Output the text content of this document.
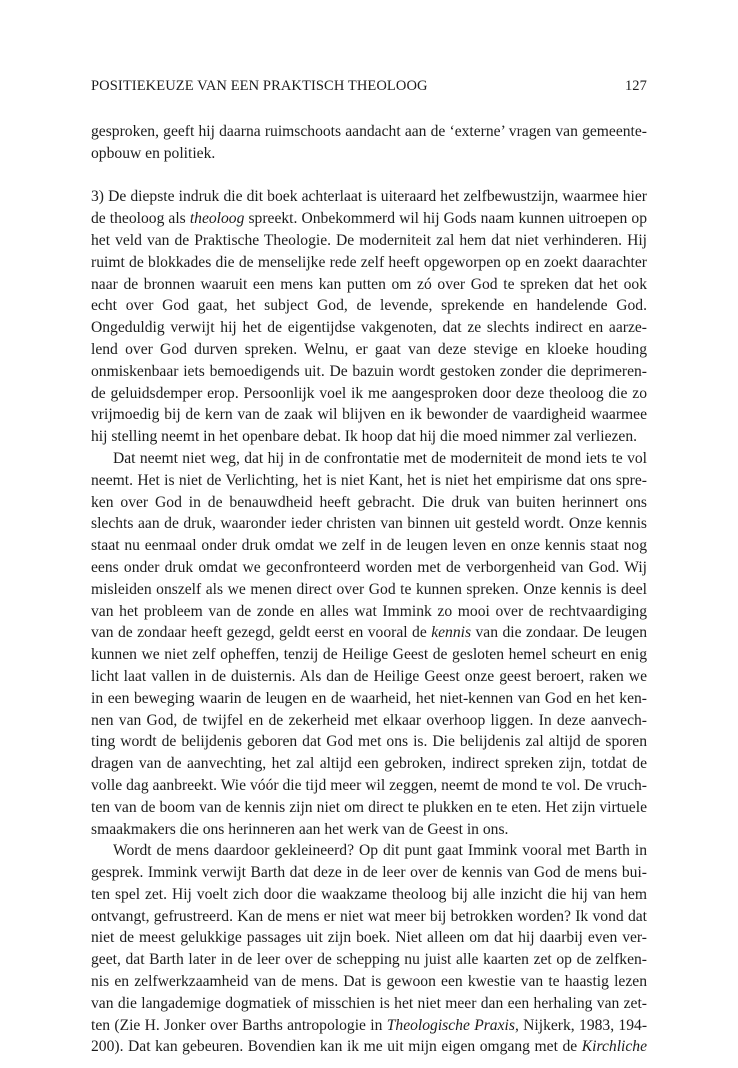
POSITIEKEUZE VAN EEN PRAKTISCH THEOLOOG	127
gesproken, geeft hij daarna ruimschoots aandacht aan de ‘externe’ vragen van gemeente-
opbouw en politiek.
3) De diepste indruk die dit boek achterlaat is uiteraard het zelfbewustzijn, waarmee hier
de theoloog als theoloog spreekt. Onbekommerd wil hij Gods naam kunnen uitroepen op
het veld van de Praktische Theologie. De moderniteit zal hem dat niet verhinderen. Hij
ruimt de blokkades die de menselijke rede zelf heeft opgeworpen op en zoekt daarachter
naar de bronnen waaruit een mens kan putten om zó over God te spreken dat het ook
echt over God gaat, het subject God, de levende, sprekende en handelende God.
Ongeduldig verwijt hij het de eigentijdse vakgenoten, dat ze slechts indirect en aarze-
lend over God durven spreken. Welnu, er gaat van deze stevige en kloeke houding
onmiskenbaar iets bemoedigends uit. De bazuin wordt gestoken zonder die deprimeren-
de geluidsdemper erop. Persoonlijk voel ik me aangesproken door deze theoloog die zo
vrijmoedig bij de kern van de zaak wil blijven en ik bewonder de vaardigheid waarmee
hij stelling neemt in het openbare debat. Ik hoop dat hij die moed nimmer zal verliezen.
Dat neemt niet weg, dat hij in de confrontatie met de moderniteit de mond iets te vol
neemt. Het is niet de Verlichting, het is niet Kant, het is niet het empirisme dat ons spre-
ken over God in de benauwdheid heeft gebracht. Die druk van buiten herinnert ons
slechts aan de druk, waaronder ieder christen van binnen uit gesteld wordt. Onze kennis
staat nu eenmaal onder druk omdat we zelf in de leugen leven en onze kennis staat nog
eens onder druk omdat we geconfronteerd worden met de verborgenheid van God. Wij
misleiden onszelf als we menen direct over God te kunnen spreken. Onze kennis is deel
van het probleem van de zonde en alles wat Immink zo mooi over de rechtvaardiging
van de zondaar heeft gezegd, geldt eerst en vooral de kennis van die zondaar. De leugen
kunnen we niet zelf opheffen, tenzij de Heilige Geest de gesloten hemel scheurt en enig
licht laat vallen in de duisternis. Als dan de Heilige Geest onze geest beroert, raken we
in een beweging waarin de leugen en de waarheid, het niet-kennen van God en het ken-
nen van God, de twijfel en de zekerheid met elkaar overhoop liggen. In deze aanvech-
ting wordt de belijdenis geboren dat God met ons is. Die belijdenis zal altijd de sporen
dragen van de aanvechting, het zal altijd een gebroken, indirect spreken zijn, totdat de
volle dag aanbreekt. Wie vóór die tijd meer wil zeggen, neemt de mond te vol. De vruch-
ten van de boom van de kennis zijn niet om direct te plukken en te eten. Het zijn virtuele
smaakmakers die ons herinneren aan het werk van de Geest in ons.
Wordt de mens daardoor gekleineerd? Op dit punt gaat Immink vooral met Barth in
gesprek. Immink verwijt Barth dat deze in de leer over de kennis van God de mens bui-
ten spel zet. Hij voelt zich door die waakzame theoloog bij alle inzicht die hij van hem
ontvangt, gefrustreerd. Kan de mens er niet wat meer bij betrokken worden? Ik vond dat
niet de meest gelukkige passages uit zijn boek. Niet alleen om dat hij daarbij even ver-
geet, dat Barth later in de leer over de schepping nu juist alle kaarten zet op de zelfken-
nis en zelfwerkzaamheid van de mens. Dat is gewoon een kwestie van te haastig lezen
van die langademige dogmatiek of misschien is het niet meer dan een herhaling van zet-
ten (Zie H. Jonker over Barths antropologie in Theologische Praxis, Nijkerk, 1983, 194-
200). Dat kan gebeuren. Bovendien kan ik me uit mijn eigen omgang met de Kirchliche
